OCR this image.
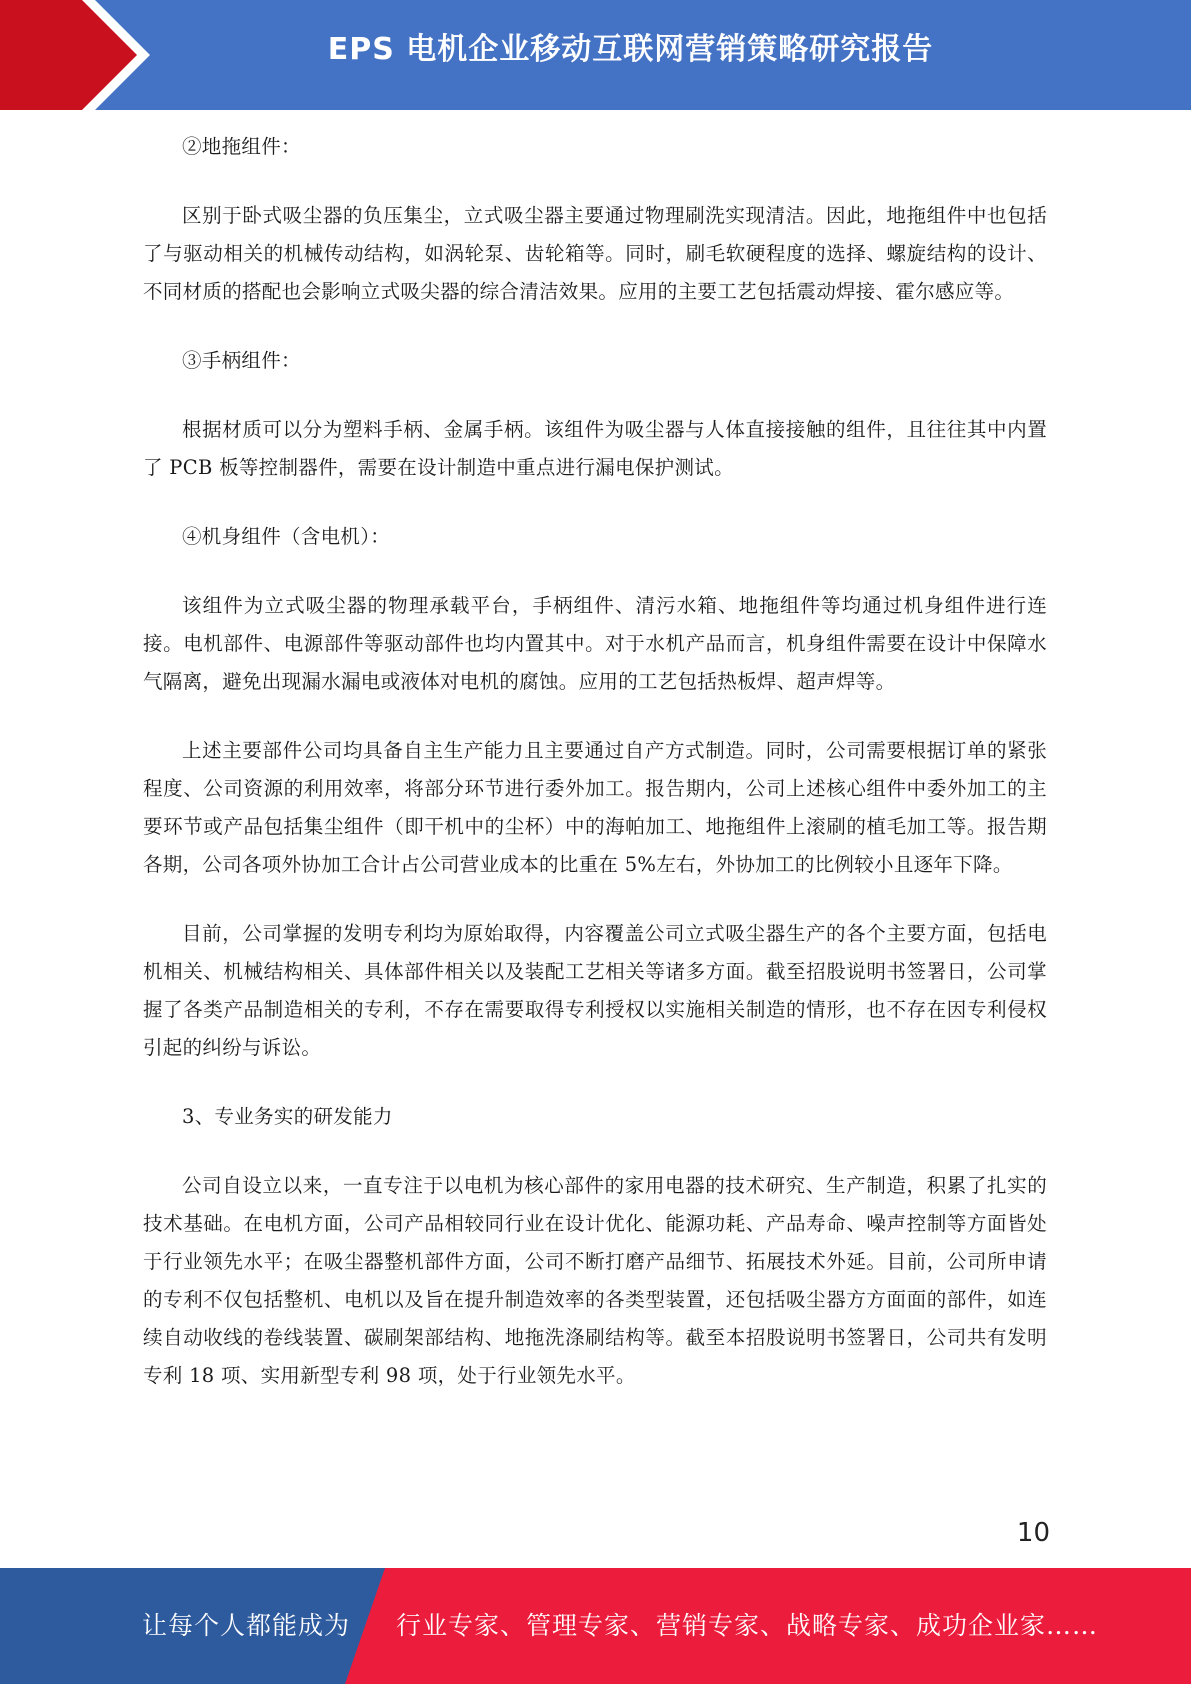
EPS 电机企业移动互联网营销策略研究报告

②地拖组件：

区别于卧式吸尘器的负压集尘，立式吸尘器主要通过物理刷洗实现清洁。因此，地拖组件中也包括了与驱动相关的机械传动结构，如涡轮泵、齿轮箱等。同时，刷毛软硬程度的选择、螺旋结构的设计、不同材质的搭配也会影响立式吸尖器的综合清洁效果。应用的主要工艺包括震动焊接、霍尔感应等。

③手柄组件：

根据材质可以分为塑料手柄、金属手柄。该组件为吸尘器与人体直接接触的组件，且往往其中内置了 PCB 板等控制器件，需要在设计制造中重点进行漏电保护测试。

④机身组件（含电机）：

该组件为立式吸尘器的物理承载平台，手柄组件、清污水箱、地拖组件等均通过机身组件进行连接。电机部件、电源部件等驱动部件也均内置其中。对于水机产品而言，机身组件需要在设计中保障水气隔离，避免出现漏水漏电或液体对电机的腐蚀。应用的工艺包括热板焊、超声焊等。

上述主要部件公司均具备自主生产能力且主要通过自产方式制造。同时，公司需要根据订单的紧张程度、公司资源的利用效率，将部分环节进行委外加工。报告期内，公司上述核心组件中委外加工的主要环节或产品包括集尘组件（即干机中的尘杯）中的海帕加工、地拖组件上滚刷的植毛加工等。报告期各期，公司各项外协加工合计占公司营业成本的比重在 5%左右，外协加工的比例较小且逐年下降。

目前，公司掌握的发明专利均为原始取得，内容覆盖公司立式吸尘器生产的各个主要方面，包括电机相关、机械结构相关、具体部件相关以及装配工艺相关等诸多方面。截至招股说明书签署日，公司掌握了各类产品制造相关的专利，不存在需要取得专利授权以实施相关制造的情形，也不存在因专利侵权引起的纠纷与诉讼。

3、专业务实的研发能力

公司自设立以来，一直专注于以电机为核心部件的家用电器的技术研究、生产制造，积累了扎实的技术基础。在电机方面，公司产品相较同行业在设计优化、能源功耗、产品寿命、噪声控制等方面皆处于行业领先水平；在吸尘器整机部件方面，公司不断打磨产品细节、拓展技术外延。目前，公司所申请的专利不仅包括整机、电机以及旨在提升制造效率的各类型装置，还包括吸尘器方方面面的部件，如连续自动收线的卷线装置、碳刷架部结构、地拖洗涤刷结构等。截至本招股说明书签署日，公司共有发明专利 18 项、实用新型专利 98 项，处于行业领先水平。

10
让每个人都能成为 行业专家、管理专家、营销专家、战略专家、成功企业家……
